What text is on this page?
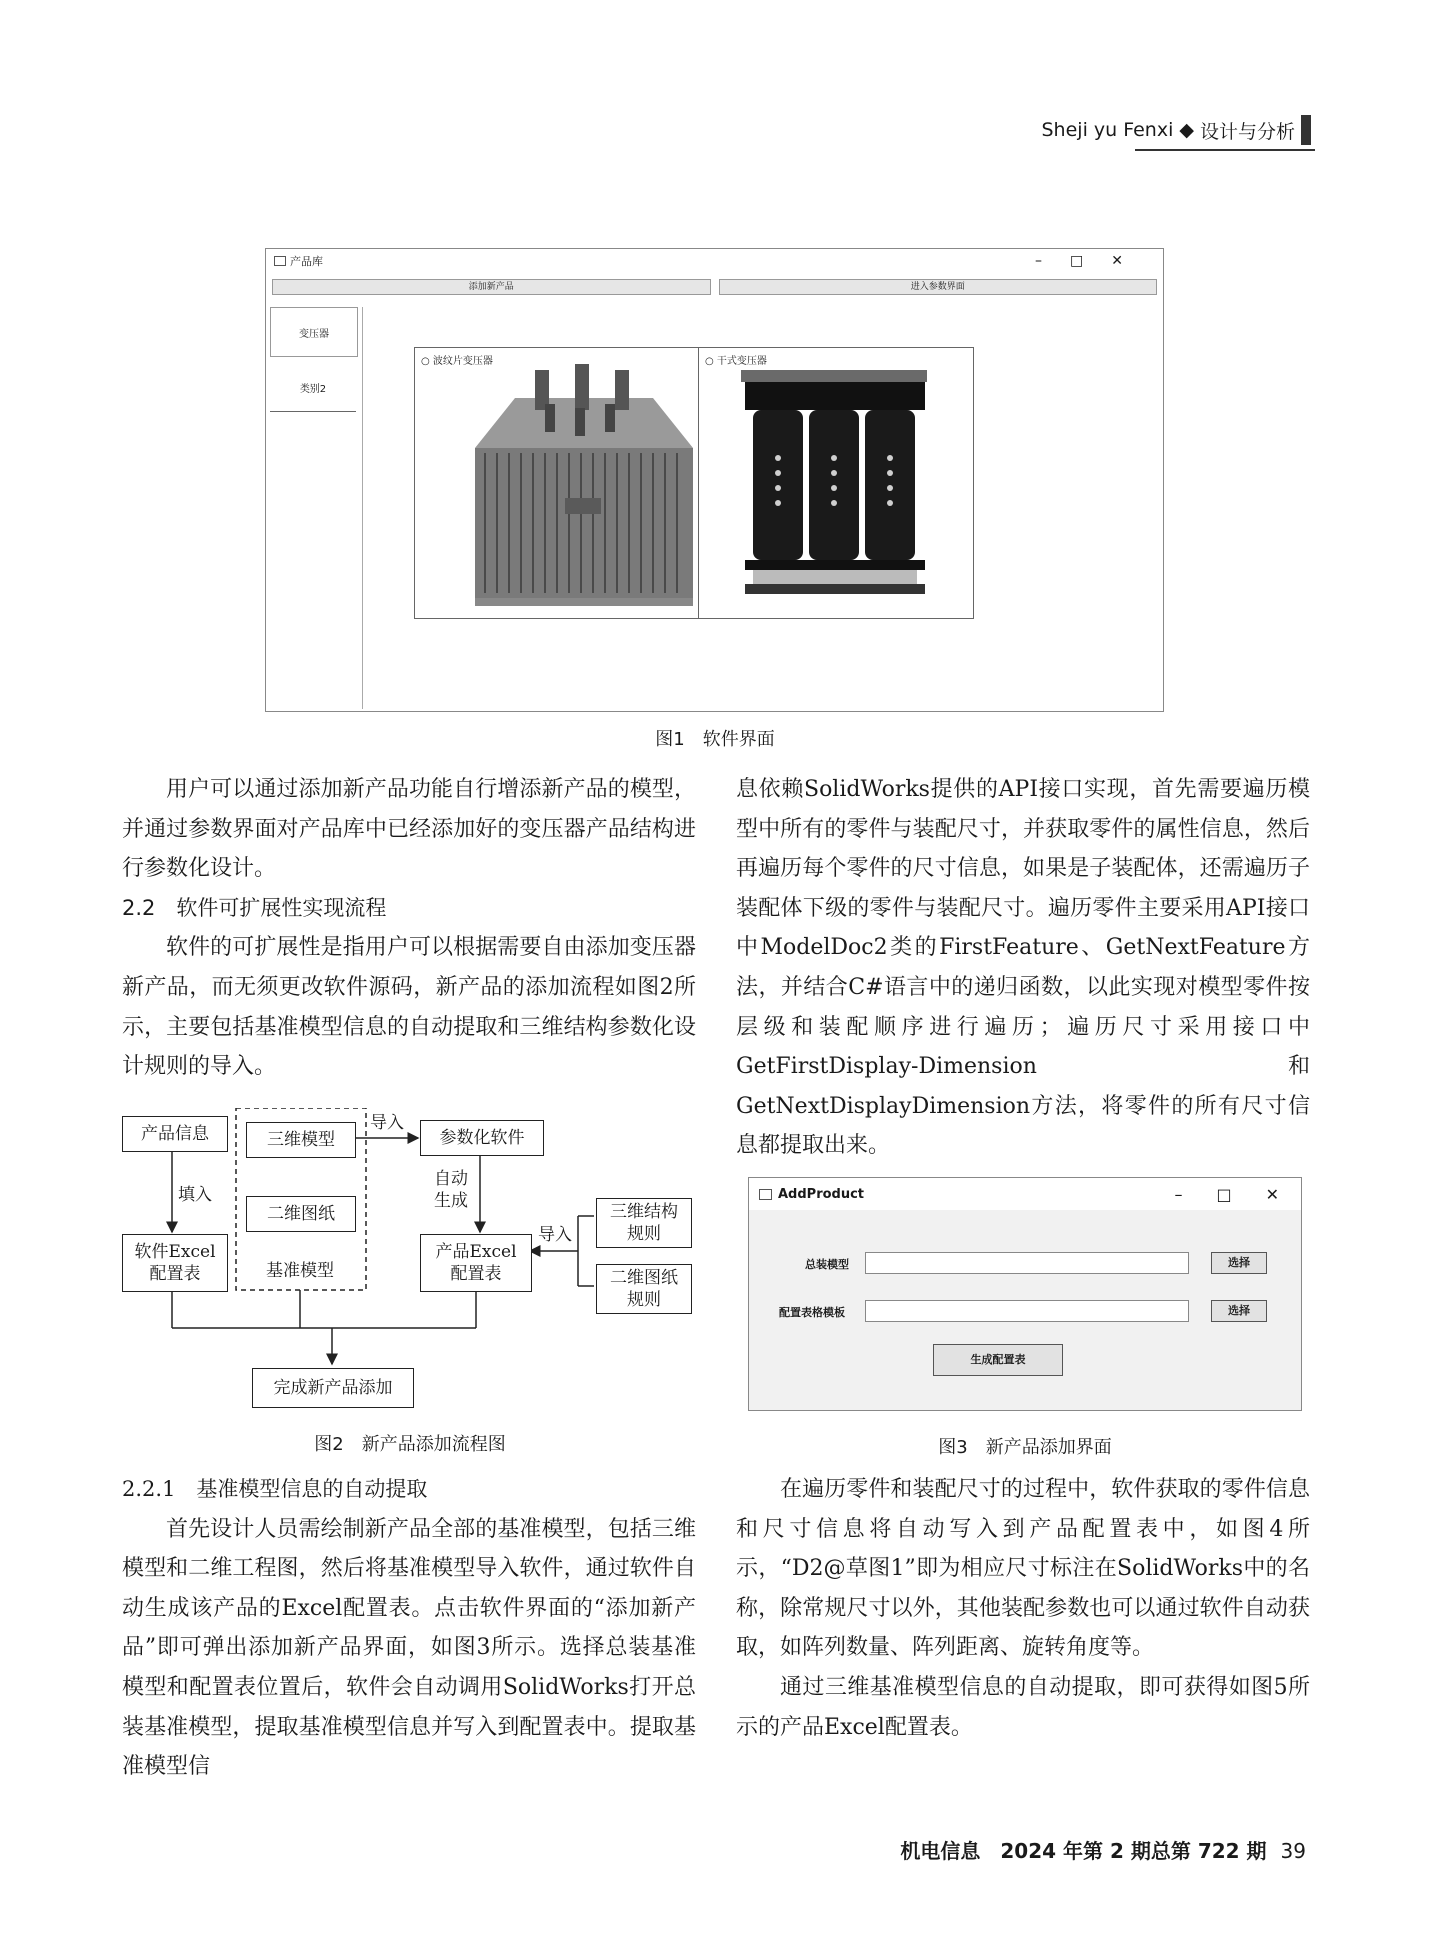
Sheji yu Fenxi ◆ 设计与分析
产品库	– □ ✕
添加新产品	进入参数界面
变压器
类别2
○ 波纹片变压器	○ 干式变压器
图1　软件界面

用户可以通过添加新产品功能自行增添新产品的模型，并通过参数界面对产品库中已经添加好的变压器产品结构进行参数化设计。

2.2　软件可扩展性实现流程

软件的可扩展性是指用户可以根据需要自由添加变压器新产品，而无须更改软件源码，新产品的添加流程如图2所示，主要包括基准模型信息的自动提取和三维结构参数化设计规则的导入。

产品信息	三维模型
二维图纸
基准模型
参数化软件
软件Excel
配置表
产品Excel
配置表
三维结构
规则
二维图纸
规则
完成新产品添加
填入
导入
自动
生成
导入
图2　新产品添加流程图

2.2.1　基准模型信息的自动提取

首先设计人员需绘制新产品全部的基准模型，包括三维模型和二维工程图，然后将基准模型导入软件，通过软件自动生成该产品的Excel配置表。点击软件界面的“添加新产品”即可弹出添加新产品界面，如图3所示。选择总装基准模型和配置表位置后，软件会自动调用SolidWorks打开总装基准模型，提取基准模型信息并写入到配置表中。提取基准模型信

息依赖SolidWorks提供的API接口实现，首先需要遍历模型中所有的零件与装配尺寸，并获取零件的属性信息，然后再遍历每个零件的尺寸信息，如果是子装配体，还需遍历子装配体下级的零件与装配尺寸。遍历零件主要采用API接口中ModelDoc2类的FirstFeature、GetNextFeature方法，并结合C#语言中的递归函数，以此实现对模型零件按层级和装配顺序进行遍历；遍历尺寸采用接口中GetFirstDisplay-Dimension和GetNextDisplayDimension方法，将零件的所有尺寸信息都提取出来。

AddProduct	– □ ✕
总装模型	选择
配置表格模板	选择
生成配置表
图3　新产品添加界面

在遍历零件和装配尺寸的过程中，软件获取的零件信息和尺寸信息将自动写入到产品配置表中，如图4所示，“D2@草图1”即为相应尺寸标注在SolidWorks中的名称，除常规尺寸以外，其他装配参数也可以通过软件自动获取，如阵列数量、阵列距离、旋转角度等。

通过三维基准模型信息的自动提取，即可获得如图5所示的产品Excel配置表。

机电信息　2024 年第 2 期总第 722 期 39
